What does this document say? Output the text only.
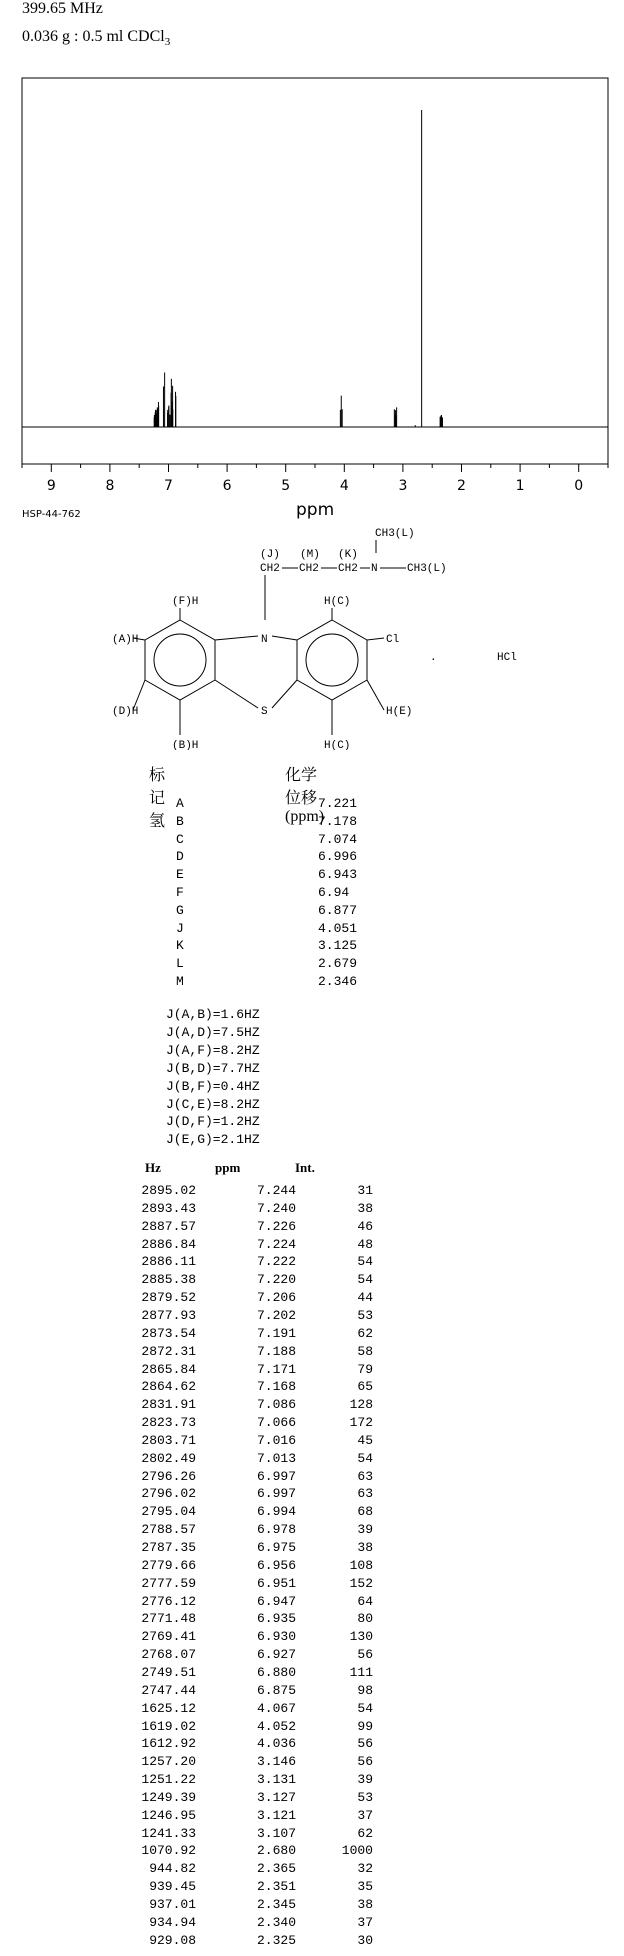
399.65 MHz
0.036 g : 0.5 ml CDCl$_3$
9	8	7	6	5	4	3	2	1	0
ppm
HSP-44-762
CH3(L)
(J) (M) (K)
CH2 CH2 CH2 N	CH3(L)
(F)H	H(C)
(A)H	N	Cl
.	HCl
(D)H	H(E)
S
(B)H	H(C)
标记氢
化学位移(ppm)
A	7.221
B	7.178
C	7.074
D	6.996
E	6.943
F	6.94
G	6.877
J	4.051
K	3.125
L	2.679
M	2.346
J(A,B)=1.6HZ
J(A,D)=7.5HZ
J(A,F)=8.2HZ
J(B,D)=7.7HZ
J(B,F)=0.4HZ
J(C,E)=8.2HZ
J(D,F)=1.2HZ
J(E,G)=2.1HZ
Hz	ppm	Int.
2895.02	7.244	31
2893.43	7.240	38
2887.57	7.226	46
2886.84	7.224	48
2886.11	7.222	54
2885.38	7.220	54
2879.52	7.206	44
2877.93	7.202	53
2873.54	7.191	62
2872.31	7.188	58
2865.84	7.171	79
2864.62	7.168	65
2831.91	7.086	128
2823.73	7.066	172
2803.71	7.016	45
2802.49	7.013	54
2796.26	6.997	63
2796.02	6.997	63
2795.04	6.994	68
2788.57	6.978	39
2787.35	6.975	38
2779.66	6.956	108
2777.59	6.951	152
2776.12	6.947	64
2771.48	6.935	80
2769.41	6.930	130
2768.07	6.927	56
2749.51	6.880	111
2747.44	6.875	98
1625.12	4.067	54
1619.02	4.052	99
1612.92	4.036	56
1257.20	3.146	56
1251.22	3.131	39
1249.39	3.127	53
1246.95	3.121	37
1241.33	3.107	62
1070.92	2.680	1000
944.82	2.365	32
939.45	2.351	35
937.01	2.345	38
934.94	2.340	37
929.08	2.325	30
